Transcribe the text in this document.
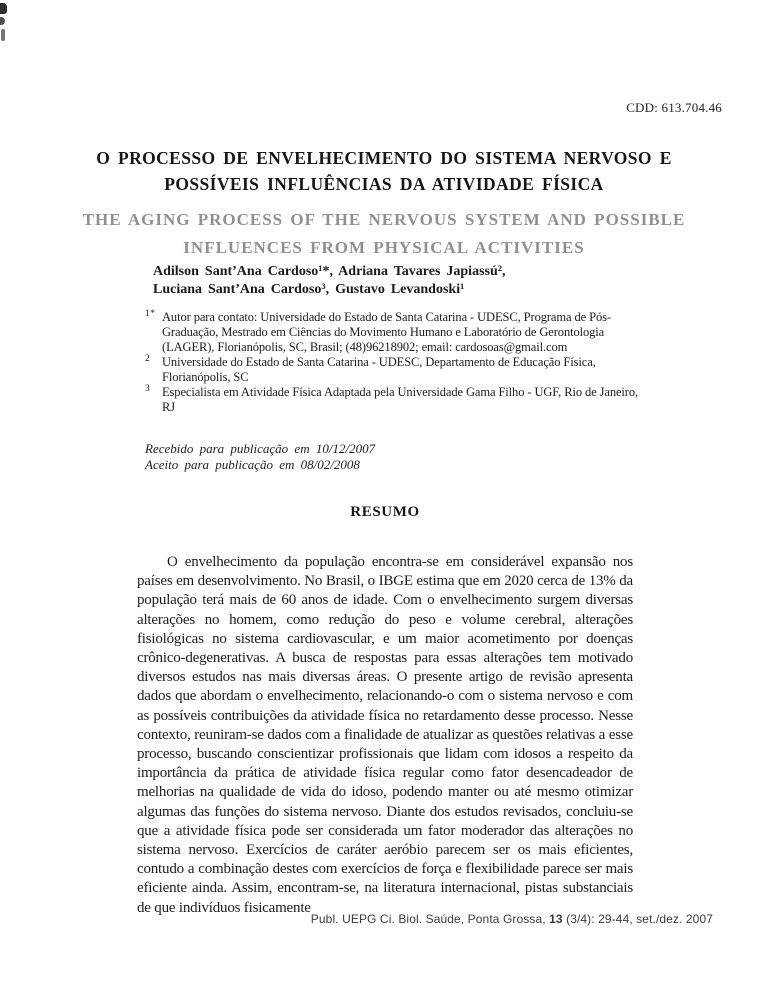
CDD: 613.704.46
O PROCESSO DE ENVELHECIMENTO DO SISTEMA NERVOSO E
POSSÍVEIS INFLUÊNCIAS DA ATIVIDADE FÍSICA
THE AGING PROCESS OF THE NERVOUS SYSTEM AND POSSIBLE
INFLUENCES FROM PHYSICAL ACTIVITIES
Adilson Sant’Ana Cardoso¹*, Adriana Tavares Japiassú²,
Luciana Sant’Ana Cardoso³, Gustavo Levandoski¹
1* Autor para contato: Universidade do Estado de Santa Catarina - UDESC, Programa de Pós-Graduação, Mestrado em Ciências do Movimento Humano e Laboratório de Gerontologia (LAGER), Florianópolis, SC, Brasil; (48)96218902; email: cardosoas@gmail.com
2 Universidade do Estado de Santa Catarina - UDESC, Departamento de Educação Física, Florianópolis, SC
3 Especialista em Atividade Física Adaptada pela Universidade Gama Filho - UGF, Rio de Janeiro, RJ
Recebido para publicação em 10/12/2007
Aceito para publicação em 08/02/2008
RESUMO

O envelhecimento da população encontra-se em considerável expansão nos países em desenvolvimento. No Brasil, o IBGE estima que em 2020 cerca de 13% da população terá mais de 60 anos de idade. Com o envelhecimento surgem diversas alterações no homem, como redução do peso e volume cerebral, alterações fisiológicas no sistema cardiovascular, e um maior acometimento por doenças crônico-degenerativas. A busca de respostas para essas alterações tem motivado diversos estudos nas mais diversas áreas. O presente artigo de revisão apresenta dados que abordam o envelhecimento, relacionando-o com o sistema nervoso e com as possíveis contribuições da atividade física no retardamento desse processo. Nesse contexto, reuniram-se dados com a finalidade de atualizar as questões relativas a esse processo, buscando conscientizar profissionais que lidam com idosos a respeito da importância da prática de atividade física regular como fator desencadeador de melhorias na qualidade de vida do idoso, podendo manter ou até mesmo otimizar algumas das funções do sistema nervoso. Diante dos estudos revisados, concluiu-se que a atividade física pode ser considerada um fator moderador das alterações no sistema nervoso. Exercícios de caráter aeróbio parecem ser os mais eficientes, contudo a combinação destes com exercícios de força e flexibilidade parece ser mais eficiente ainda. Assim, encontram-se, na literatura internacional, pistas substanciais de que indivíduos fisicamente

Publ. UEPG Ci. Biol. Saúde, Ponta Grossa, 13 (3/4): 29-44, set./dez. 2007
